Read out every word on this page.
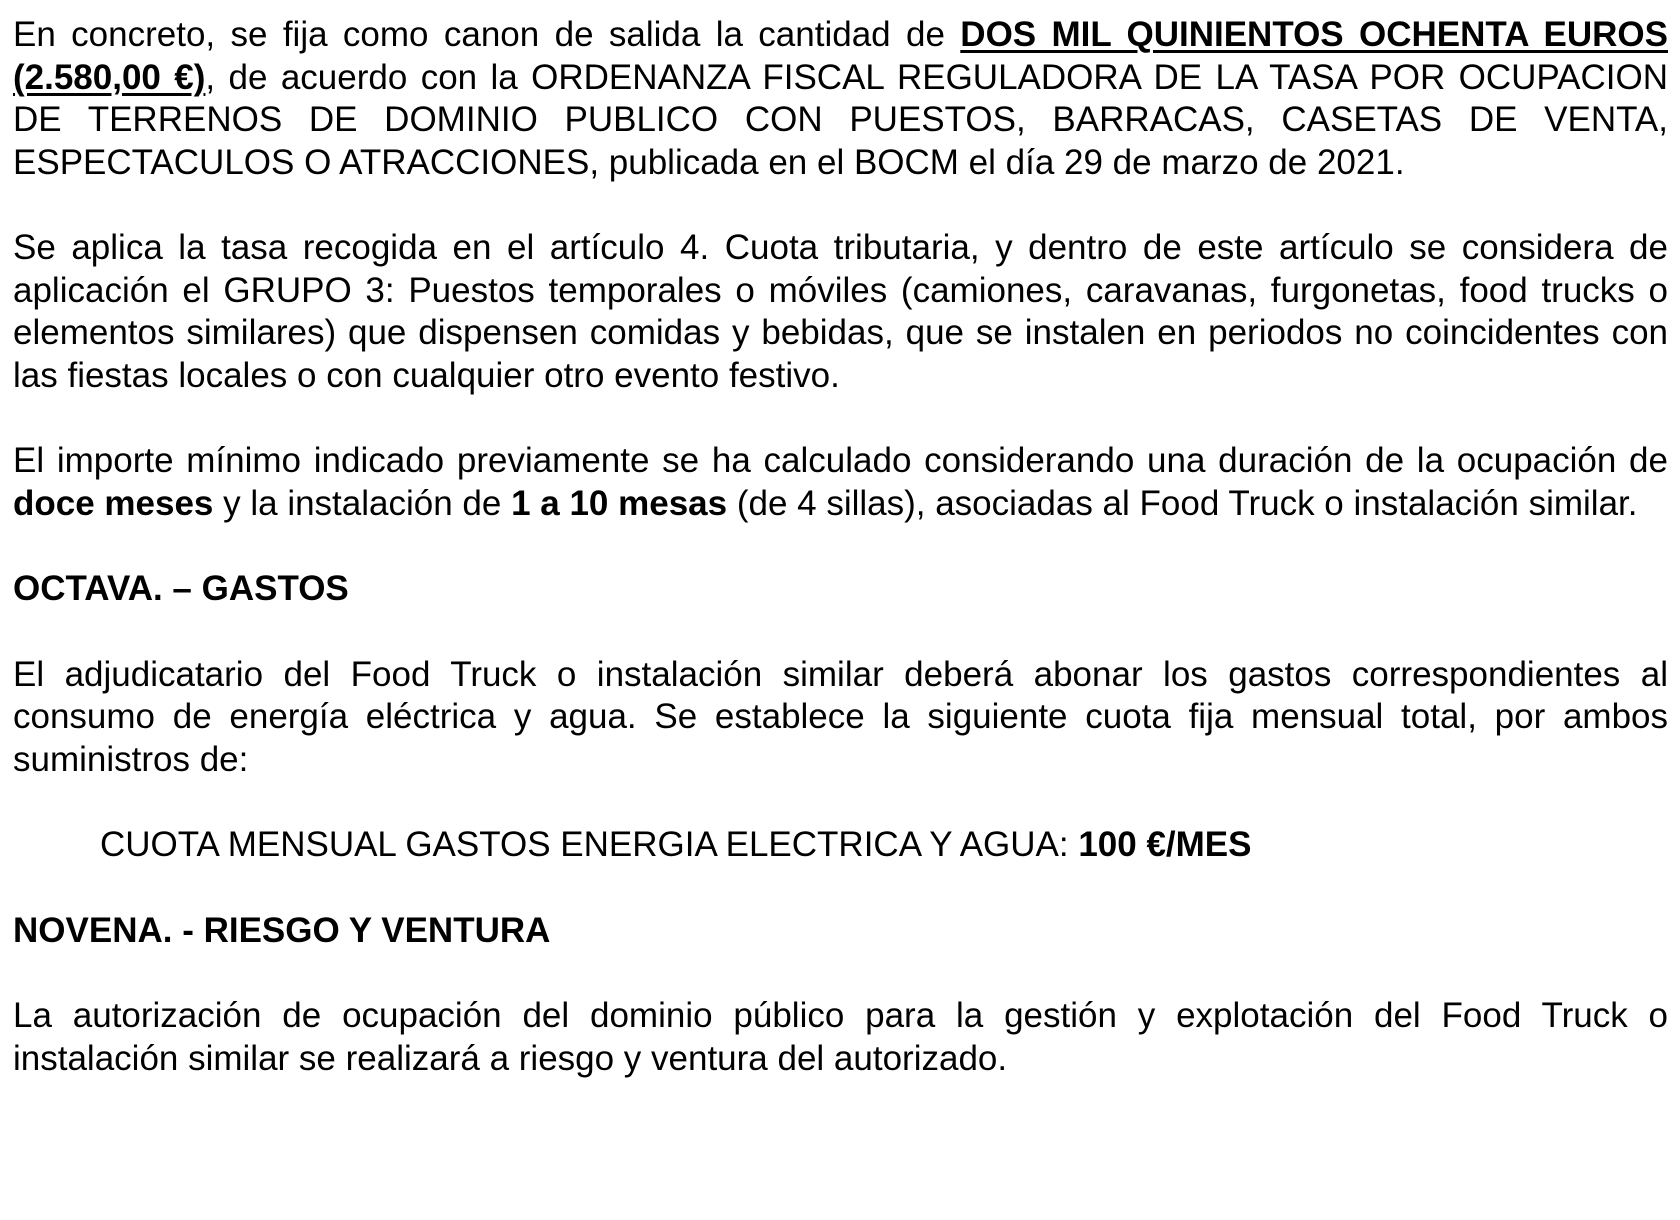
En concreto, se fija como canon de salida la cantidad de DOS MIL QUINIENTOS OCHENTA EUROS (2.580,00 €), de acuerdo con la ORDENANZA FISCAL REGULADORA DE LA TASA POR OCUPACION DE TERRENOS DE DOMINIO PUBLICO CON PUESTOS, BARRACAS, CASETAS DE VENTA, ESPECTACULOS O ATRACCIONES, publicada en el BOCM el día 29 de marzo de 2021.

Se aplica la tasa recogida en el artículo 4. Cuota tributaria, y dentro de este artículo se considera de aplicación el GRUPO 3: Puestos temporales o móviles (camiones, caravanas, furgonetas, food trucks o elementos similares) que dispensen comidas y bebidas, que se instalen en periodos no coincidentes con las fiestas locales o con cualquier otro evento festivo.

El importe mínimo indicado previamente se ha calculado considerando una duración de la ocupación de doce meses y la instalación de 1 a 10 mesas (de 4 sillas), asociadas al Food Truck o instalación similar.

OCTAVA. – GASTOS

El adjudicatario del Food Truck o instalación similar deberá abonar los gastos correspondientes al consumo de energía eléctrica y agua. Se establece la siguiente cuota fija mensual total, por ambos suministros de:

CUOTA MENSUAL GASTOS ENERGIA ELECTRICA Y AGUA: 100 €/MES

NOVENA. - RIESGO Y VENTURA

La autorización de ocupación del dominio público para la gestión y explotación del Food Truck o instalación similar se realizará a riesgo y ventura del autorizado.
